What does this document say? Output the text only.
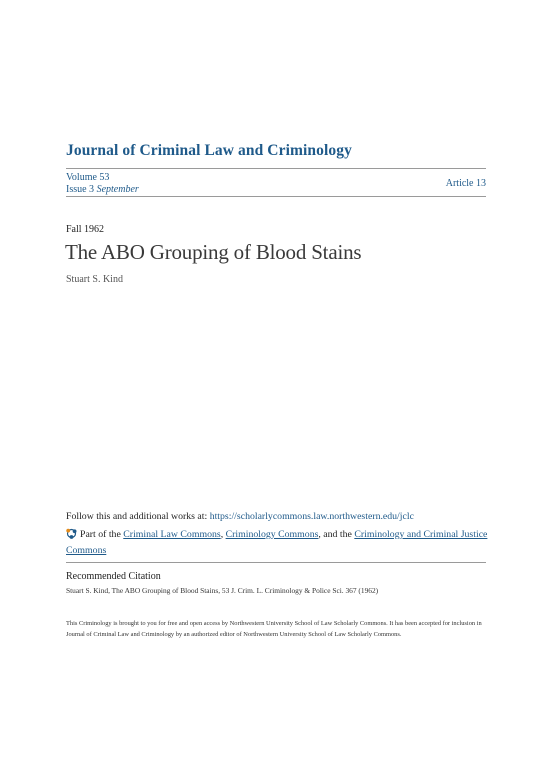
Journal of Criminal Law and Criminology
Volume 53
Issue 3 September
Article 13
Fall 1962
The ABO Grouping of Blood Stains
Stuart S. Kind
Follow this and additional works at: https://scholarlycommons.law.northwestern.edu/jclc
Part of the Criminal Law Commons, Criminology Commons, and the Criminology and Criminal Justice Commons
Recommended Citation
Stuart S. Kind, The ABO Grouping of Blood Stains, 53 J. Crim. L. Criminology & Police Sci. 367 (1962)
This Criminology is brought to you for free and open access by Northwestern University School of Law Scholarly Commons. It has been accepted for inclusion in Journal of Criminal Law and Criminology by an authorized editor of Northwestern University School of Law Scholarly Commons.
